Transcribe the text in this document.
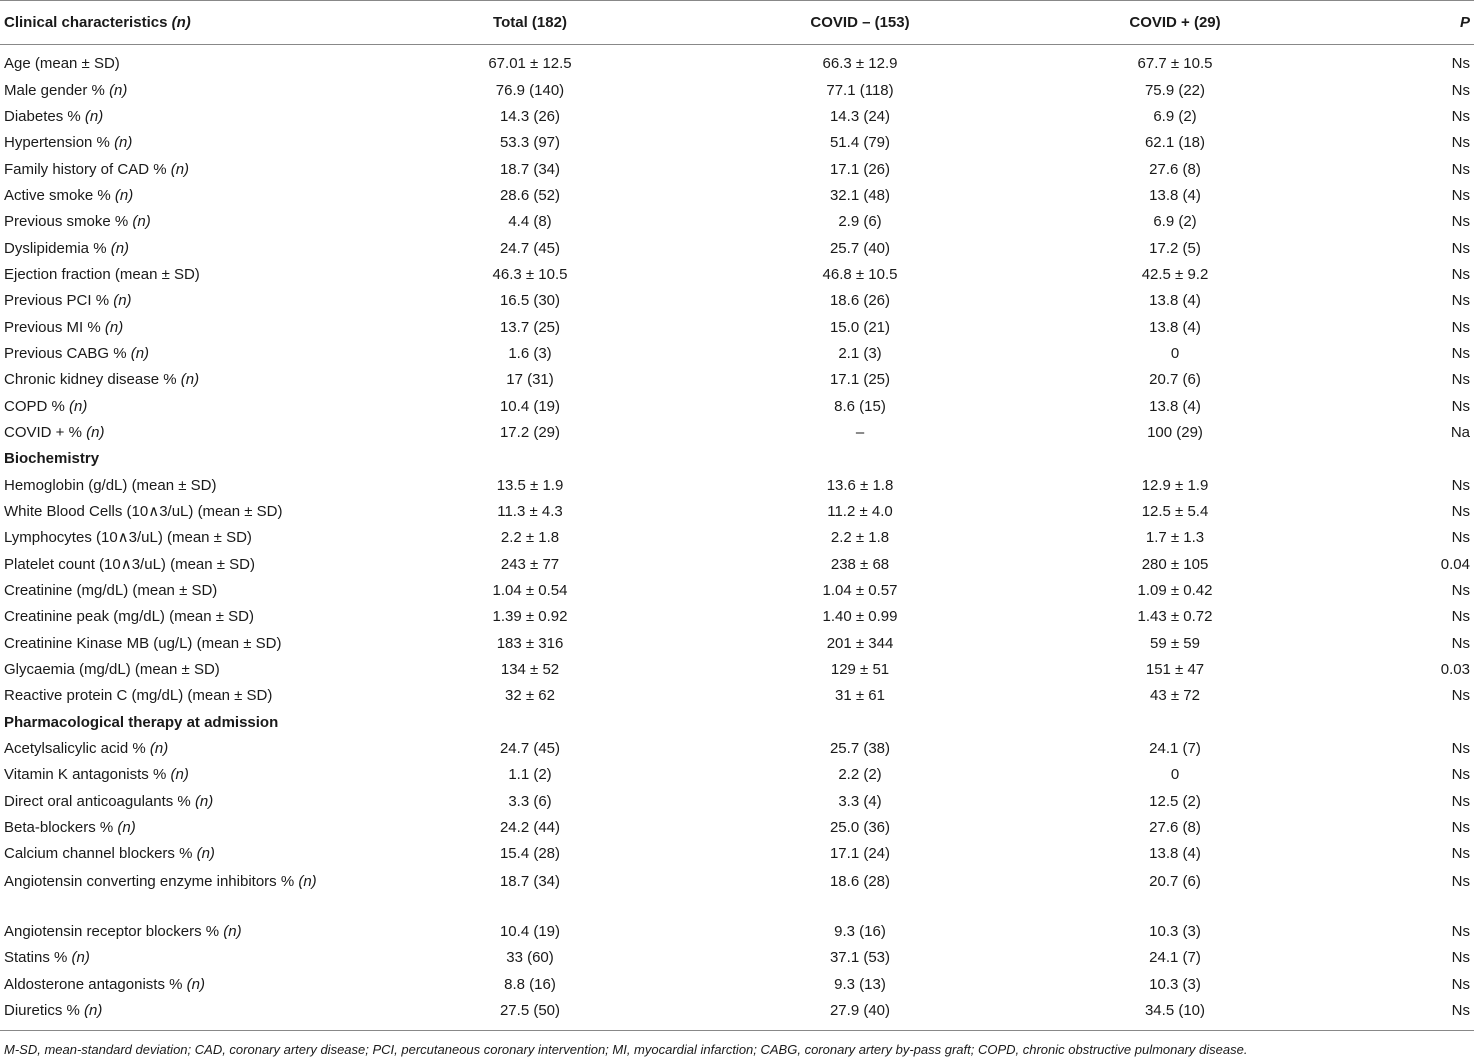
Clinical characteristics (n)	Total (182)	COVID – (153)	COVID + (29)	P
Age (mean ± SD)	67.01 ± 12.5	66.3 ± 12.9	67.7 ± 10.5	Ns
Male gender % (n)	76.9 (140)	77.1 (118)	75.9 (22)	Ns
Diabetes % (n)	14.3 (26)	14.3 (24)	6.9 (2)	Ns
Hypertension % (n)	53.3 (97)	51.4 (79)	62.1 (18)	Ns
Family history of CAD % (n)	18.7 (34)	17.1 (26)	27.6 (8)	Ns
Active smoke % (n)	28.6 (52)	32.1 (48)	13.8 (4)	Ns
Previous smoke % (n)	4.4 (8)	2.9 (6)	6.9 (2)	Ns
Dyslipidemia % (n)	24.7 (45)	25.7 (40)	17.2 (5)	Ns
Ejection fraction (mean ± SD)	46.3 ± 10.5	46.8 ± 10.5	42.5 ± 9.2	Ns
Previous PCI % (n)	16.5 (30)	18.6 (26)	13.8 (4)	Ns
Previous MI % (n)	13.7 (25)	15.0 (21)	13.8 (4)	Ns
Previous CABG % (n)	1.6 (3)	2.1 (3)	0	Ns
Chronic kidney disease % (n)	17 (31)	17.1 (25)	20.7 (6)	Ns
COPD % (n)	10.4 (19)	8.6 (15)	13.8 (4)	Ns
COVID + % (n)	17.2 (29)	–	100 (29)	Na
Biochemistry				
Hemoglobin (g/dL) (mean ± SD)	13.5 ± 1.9	13.6 ± 1.8	12.9 ± 1.9	Ns
White Blood Cells (10∧3/uL) (mean ± SD)	11.3 ± 4.3	11.2 ± 4.0	12.5 ± 5.4	Ns
Lymphocytes (10∧3/uL) (mean ± SD)	2.2 ± 1.8	2.2 ± 1.8	1.7 ± 1.3	Ns
Platelet count (10∧3/uL) (mean ± SD)	243 ± 77	238 ± 68	280 ± 105	0.04
Creatinine (mg/dL) (mean ± SD)	1.04 ± 0.54	1.04 ± 0.57	1.09 ± 0.42	Ns
Creatinine peak (mg/dL) (mean ± SD)	1.39 ± 0.92	1.40 ± 0.99	1.43 ± 0.72	Ns
Creatinine Kinase MB (ug/L) (mean ± SD)	183 ± 316	201 ± 344	59 ± 59	Ns
Glycaemia (mg/dL) (mean ± SD)	134 ± 52	129 ± 51	151 ± 47	0.03
Reactive protein C (mg/dL) (mean ± SD)	32 ± 62	31 ± 61	43 ± 72	Ns
Pharmacological therapy at admission				
Acetylsalicylic acid % (n)	24.7 (45)	25.7 (38)	24.1 (7)	Ns
Vitamin K antagonists % (n)	1.1 (2)	2.2 (2)	0	Ns
Direct oral anticoagulants % (n)	3.3 (6)	3.3 (4)	12.5 (2)	Ns
Beta-blockers % (n)	24.2 (44)	25.0 (36)	27.6 (8)	Ns
Calcium channel blockers % (n)	15.4 (28)	17.1 (24)	13.8 (4)	Ns
Angiotensin converting enzyme inhibitors % (n)	18.7 (34)	18.6 (28)	20.7 (6)	Ns
Angiotensin receptor blockers % (n)	10.4 (19)	9.3 (16)	10.3 (3)	Ns
Statins % (n)	33 (60)	37.1 (53)	24.1 (7)	Ns
Aldosterone antagonists % (n)	8.8 (16)	9.3 (13)	10.3 (3)	Ns
Diuretics % (n)	27.5 (50)	27.9 (40)	34.5 (10)	Ns
M-SD, mean-standard deviation; CAD, coronary artery disease; PCI, percutaneous coronary intervention; MI, myocardial infarction; CABG, coronary artery by-pass graft; COPD, chronic obstructive pulmonary disease.
